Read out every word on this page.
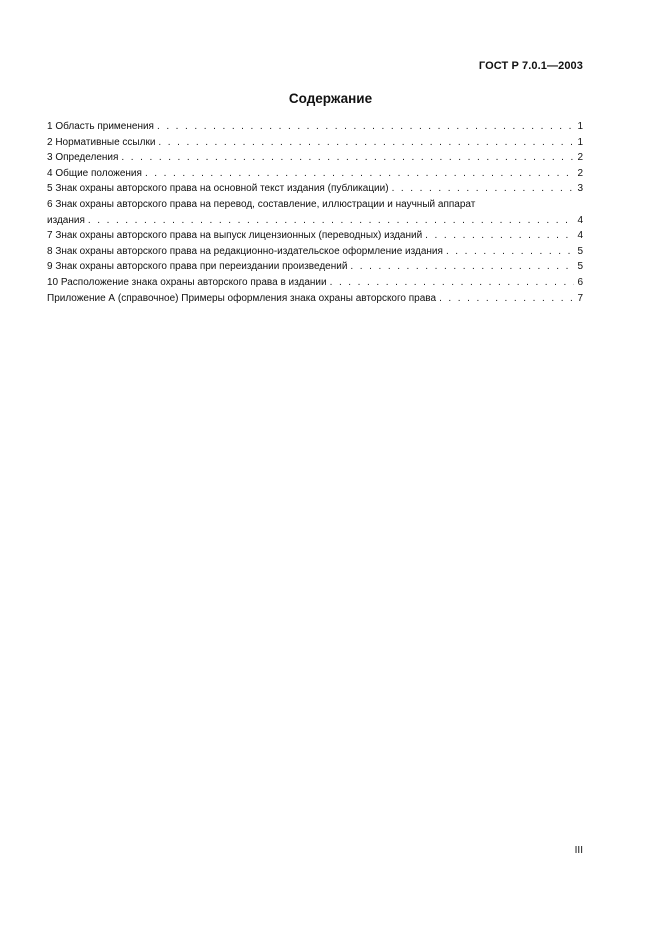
ГОСТ Р 7.0.1—2003
Содержание
1 Область применения . . .	1
2 Нормативные ссылки . . .	1
3 Определения . . .	2
4 Общие положения . . .	2
5 Знак охраны авторского права на основной текст издания (публикации) . . .	3
6 Знак охраны авторского права на перевод, составление, иллюстрации и научный аппарат
издания . . .	4
7 Знак охраны авторского права на выпуск лицензионных (переводных) изданий . . .	4
8 Знак охраны авторского права на редакционно-издательское оформление издания . . .	5
9 Знак охраны авторского права при переиздании произведений . . .	5
10 Расположение знака охраны авторского права в издании . . .	6
Приложение А (справочное) Примеры оформления знака охраны авторского права . . .	7
III
